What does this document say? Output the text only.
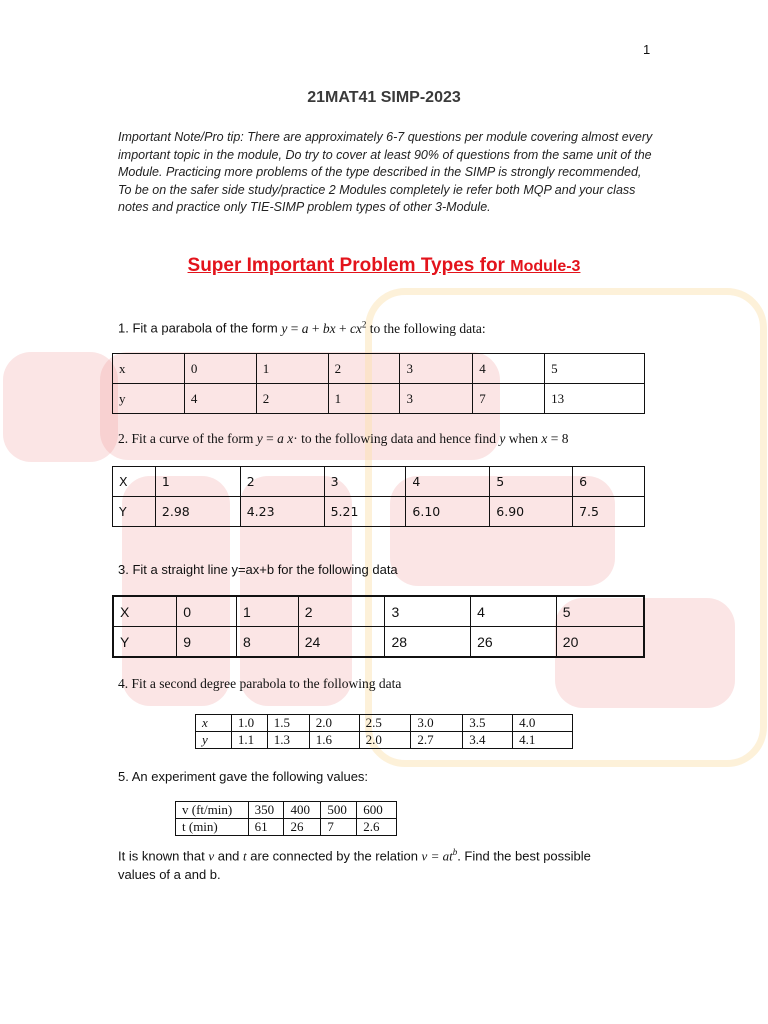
1
21MAT41 SIMP-2023

Important Note/Pro tip: There are approximately 6-7 questions per module covering almost every important topic in the module, Do try to cover at least 90% of questions from the same unit of the Module. Practicing more problems of the type described in the SIMP is strongly recommended, To be on the safer side study/practice 2 Modules completely ie refer both MQP and your class notes and practice only TIE-SIMP problem types of other 3-Module.

Super Important Problem Types for Module-3

1. Fit a parabola of the form y = a + bx + $cx^2$ to the following data:

x	0	1	2	3	4	5
y	4	2	1	3	7	13

2. Fit a curve of the form y = a x· to the following data and hence find y when x = 8

X	1	2	3	4	5	6
Y	2.98	4.23	5.21	6.10	6.90	7.5

3. Fit a straight line y=ax+b for the following data

X	0	1	2	3	4	5
Y	9	8	24	28	26	20

4. Fit a second degree parabola to the following data

x	1.0	1.5	2.0	2.5	3.0	3.5	4.0
y	1.1	1.3	1.6	2.0	2.7	3.4	4.1

5. An experiment gave the following values:

v (ft/min)	350	400	500	600
t (min)	61	26	7	2.6

It is known that v and t are connected by the relation $v = at^b$. Find the best possible

values of a and b.
